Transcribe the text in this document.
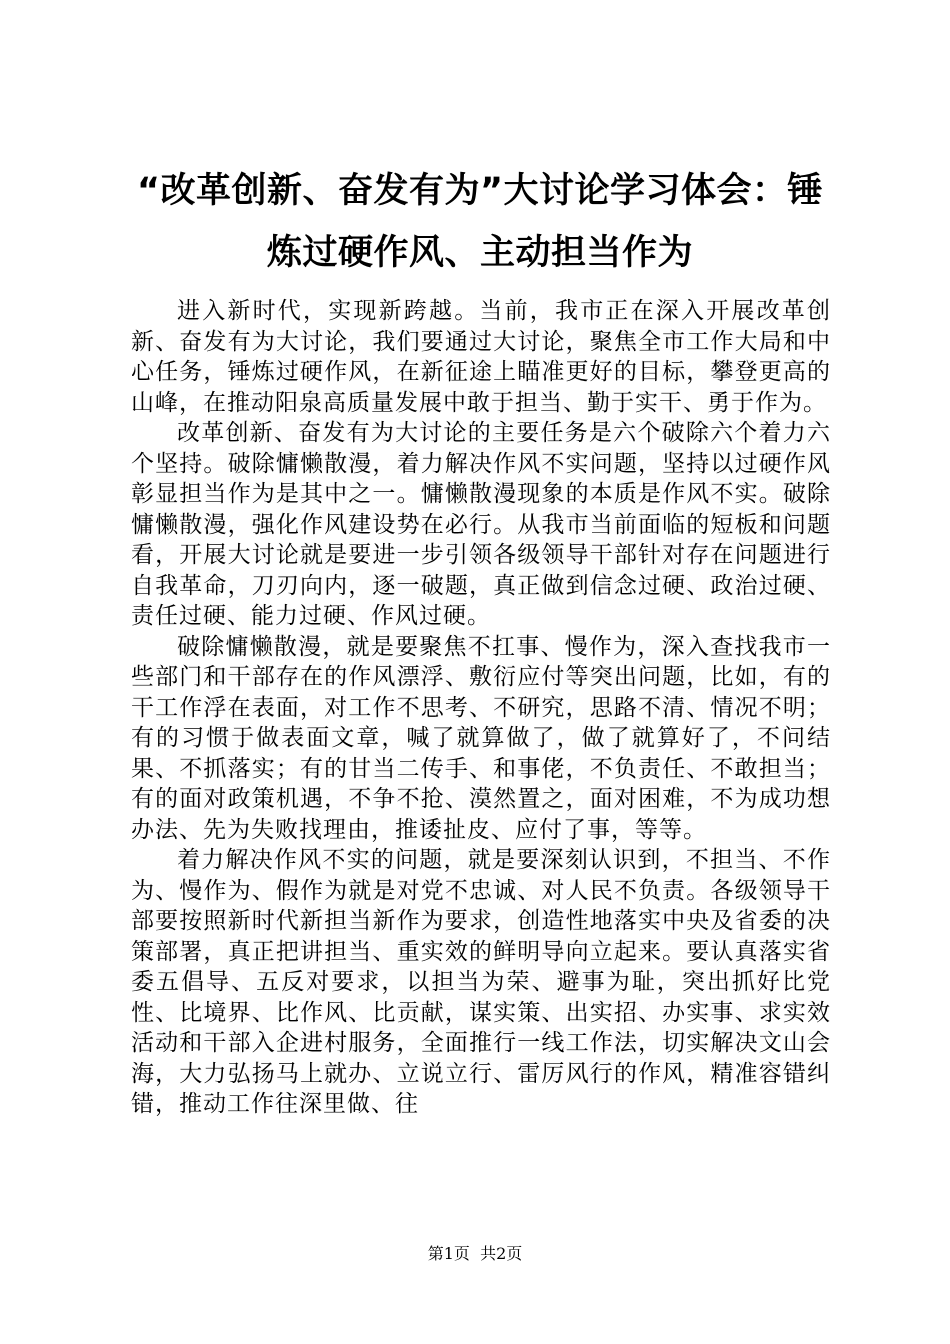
“改革创新、奋发有为”大讨论学习体会：锤
炼过硬作风、主动担当作为

进入新时代，实现新跨越。当前，我市正在深入开展改革创新、奋发有为大讨论，我们要通过大讨论，聚焦全市工作大局和中心任务，锤炼过硬作风，在新征途上瞄准更好的目标，攀登更高的山峰，在推动阳泉高质量发展中敢于担当、勤于实干、勇于作为。

改革创新、奋发有为大讨论的主要任务是六个破除六个着力六个坚持。破除慵懒散漫，着力解决作风不实问题，坚持以过硬作风彰显担当作为是其中之一。慵懒散漫现象的本质是作风不实。破除慵懒散漫，强化作风建设势在必行。从我市当前面临的短板和问题看，开展大讨论就是要进一步引领各级领导干部针对存在问题进行自我革命，刀刃向内，逐一破题，真正做到信念过硬、政治过硬、责任过硬、能力过硬、作风过硬。

破除慵懒散漫，就是要聚焦不扛事、慢作为，深入查找我市一些部门和干部存在的作风漂浮、敷衍应付等突出问题，比如，有的干工作浮在表面，对工作不思考、不研究，思路不清、情况不明；有的习惯于做表面文章，喊了就算做了，做了就算好了，不问结果、不抓落实；有的甘当二传手、和事佬，不负责任、不敢担当；有的面对政策机遇，不争不抢、漠然置之，面对困难，不为成功想办法、先为失败找理由，推诿扯皮、应付了事，等等。

着力解决作风不实的问题，就是要深刻认识到，不担当、不作为、慢作为、假作为就是对党不忠诚、对人民不负责。各级领导干部要按照新时代新担当新作为要求，创造性地落实中央及省委的决策部署，真正把讲担当、重实效的鲜明导向立起来。要认真落实省委五倡导、五反对要求，以担当为荣、避事为耻，突出抓好比党性、比境界、比作风、比贡献，谋实策、出实招、办实事、求实效活动和干部入企进村服务，全面推行一线工作法，切实解决文山会海，大力弘扬马上就办、立说立行、雷厉风行的作风，精准容错纠错，推动工作往深里做、往

第1页  共2页
